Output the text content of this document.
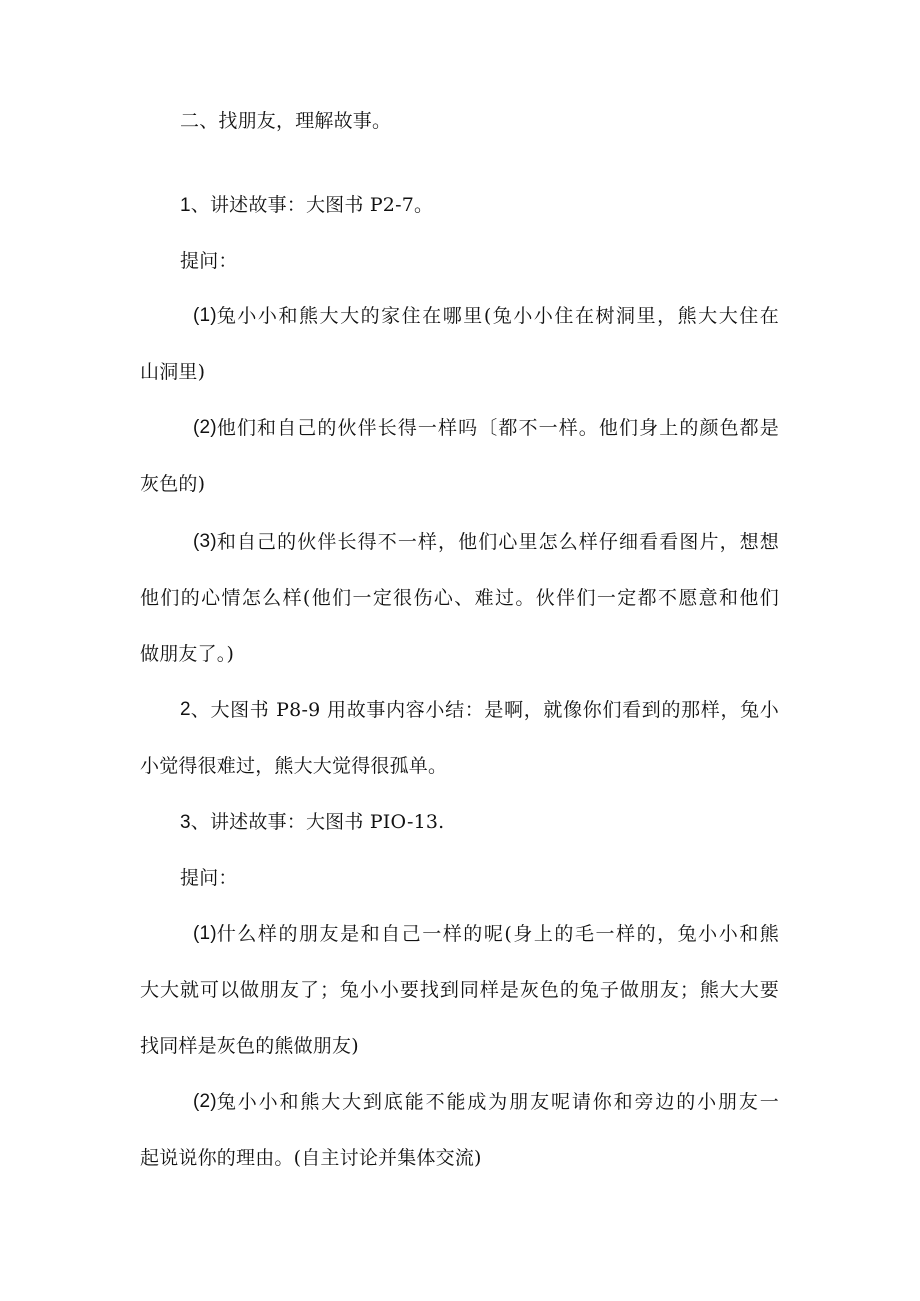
二、找朋友，理解故事。
1、讲述故事：大图书 P2-7。
提问：
(1) 兔小小和熊大大的家住在哪里(兔小小住在树洞里，熊大大住在
山洞里)
(2) 他们和自己的伙伴长得一样吗〔都不一样。他们身上的颜色都是
灰色的)
(3) 和自己的伙伴长得不一样，他们心里怎么样仔细看看图片，想想
他们的心情怎么样(他们一定很伤心、难过。伙伴们一定都不愿意和他们
做朋友了。)
2 、大图书 P8-9 用故事内容小结：是啊，就像你们看到的那样，兔小
小觉得很难过，熊大大觉得很孤单。
3、讲述故事：大图书 PIO-13.
提问：
(1) 什么样的朋友是和自己一样的呢(身上的毛一样的，兔小小和熊
大大就可以做朋友了；兔小小要找到同样是灰色的兔子做朋友；熊大大要
找同样是灰色的熊做朋友)
(2) 兔小小和熊大大到底能不能成为朋友呢请你和旁边的小朋友一
起说说你的理由。(自主讨论并集体交流)
